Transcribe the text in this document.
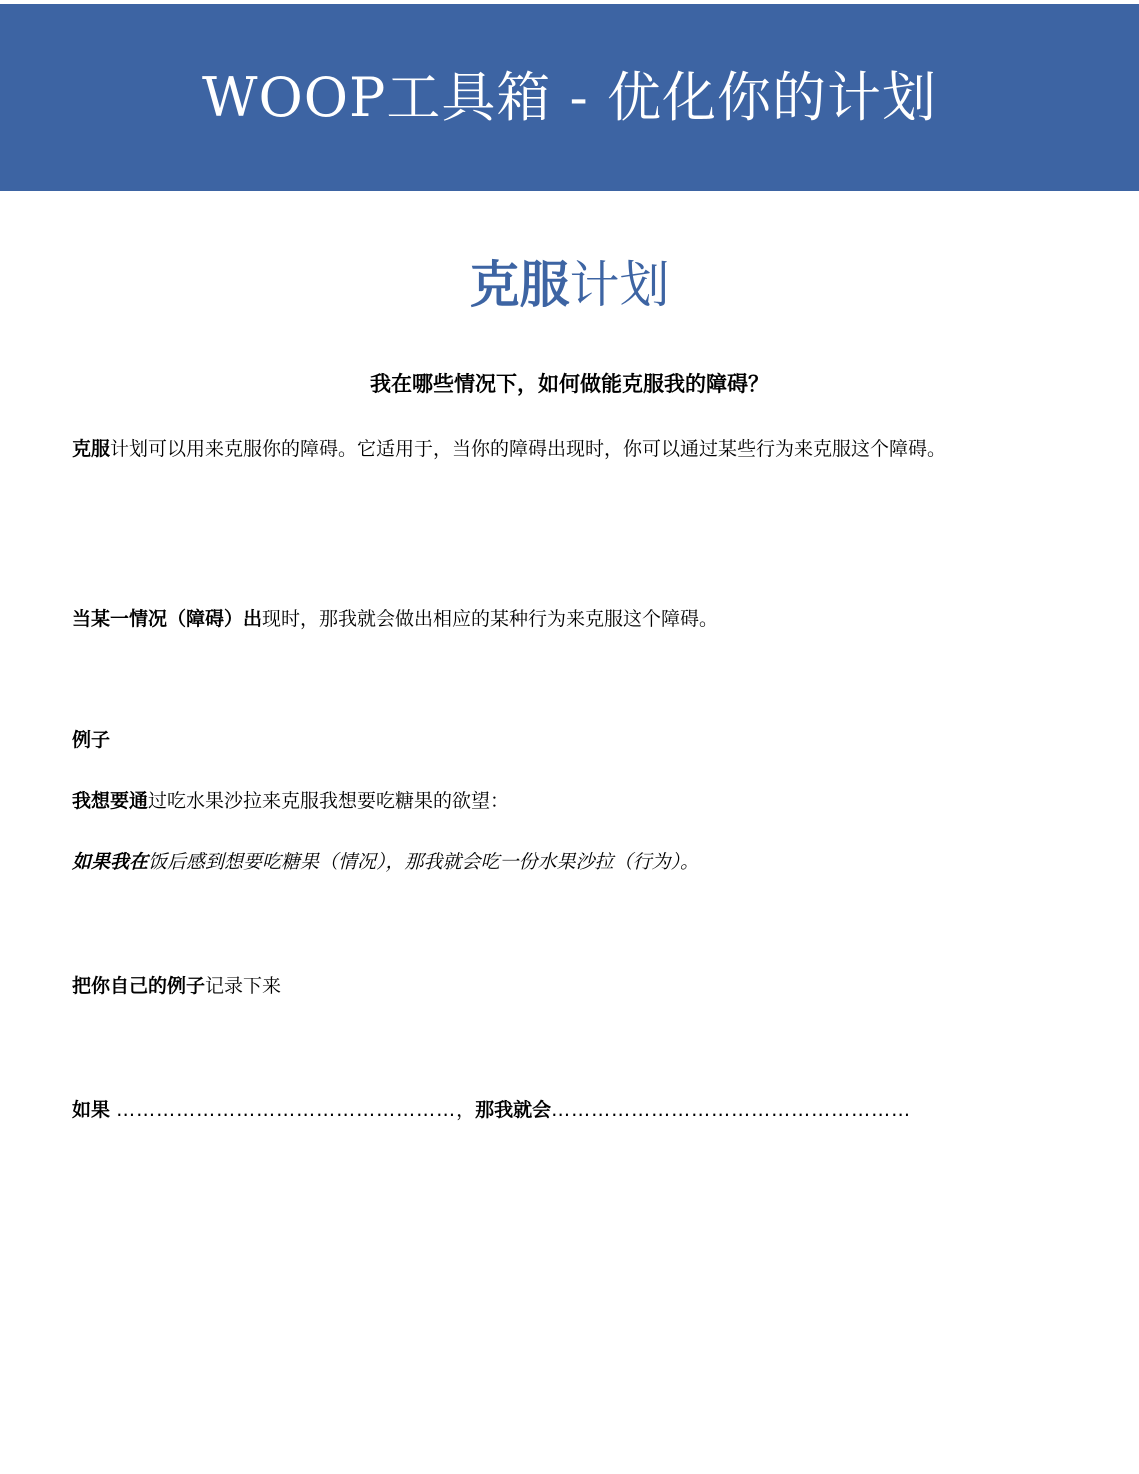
WOOP工具箱 - 优化你的计划
克服计划
我在哪些情况下，如何做能克服我的障碍？
克服计划可以用来克服你的障碍。它适用于，当你的障碍出现时，你可以通过某些行为来克服这个障碍。
当某一情况（障碍）出现时，那我就会做出相应的某种行为来克服这个障碍。
例子
我想要通过吃水果沙拉来克服我想要吃糖果的欲望：
如果我在饭后感到想要吃糖果（情况），那我就会吃一份水果沙拉（行为）。
把你自己的例子记录下来
如果 ……………………………………………，那我就会………………………………………………
